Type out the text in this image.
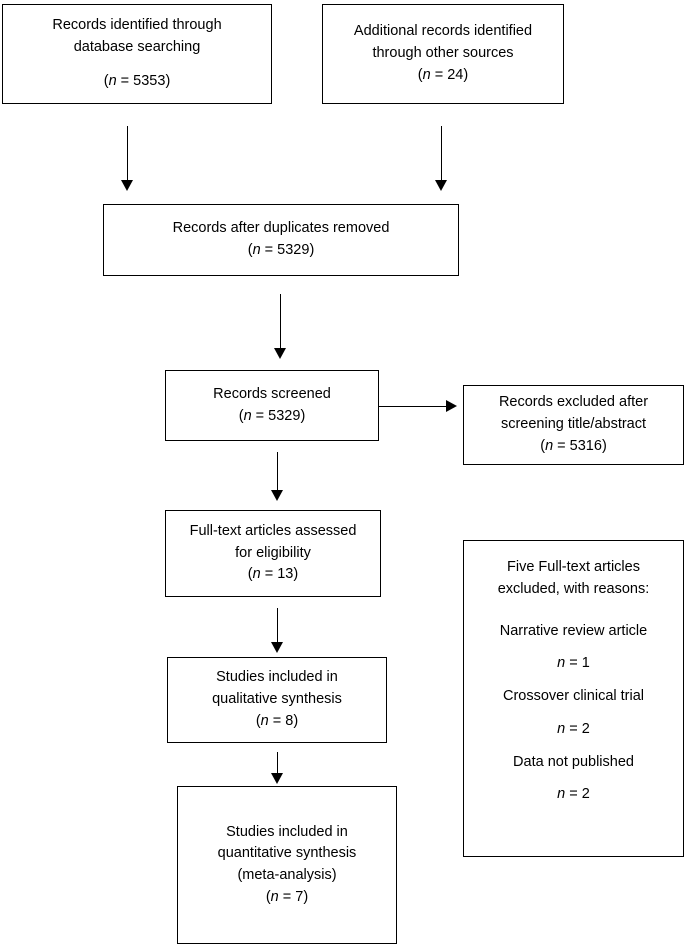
Records identified through
database searching
(n = 5353)
Additional records identified
through other sources
(n = 24)
Records after duplicates removed
(n = 5329)
Records screened
(n = 5329)
Records excluded after
screening title/abstract
(n = 5316)
Full-text articles assessed
for eligibility
(n = 13)
Studies included in
qualitative synthesis
(n = 8)
Studies included in
quantitative synthesis
(meta-analysis)
(n = 7)
Five Full-text articles
excluded, with reasons:
Narrative review article
n = 1
Crossover clinical trial
n = 2
Data not published
n = 2
